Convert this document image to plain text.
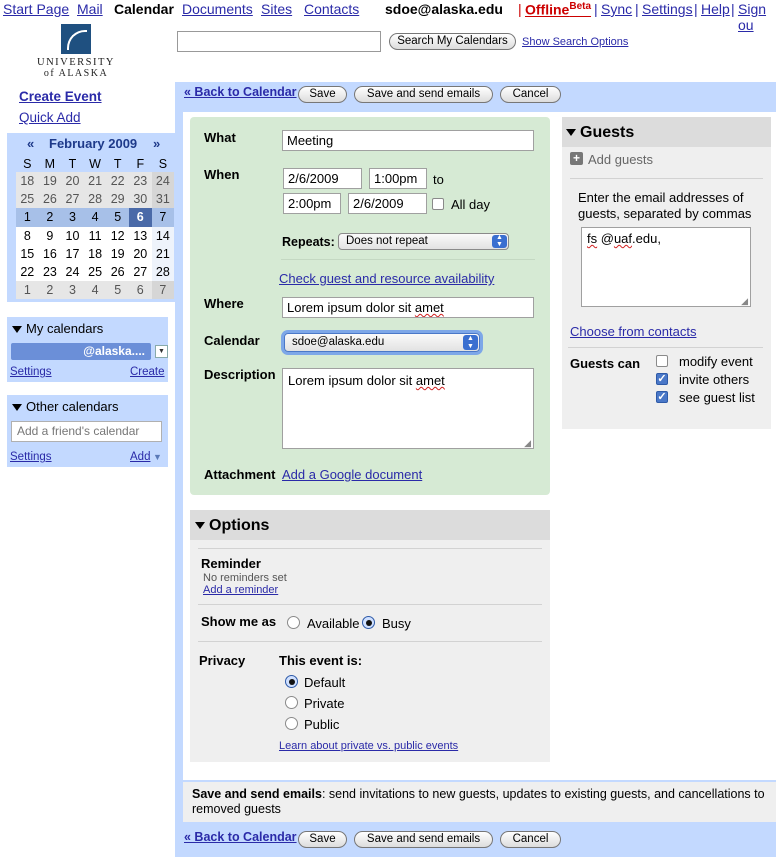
Start Page Mail Calendar Documents Sites Contacts sdoe@alaska.edu | Offline$^{Beta}$ | Sync | Settings | Help | Sign ou
UNIVERSITY
of ALASKA
Search My Calendars	Show Search Options
Create Event
Quick Add
« February 2009 »
S	M	T	W	T	F	S
18	19	20	21	22	23	24
25	26	27	28	29	30	31
1	2	3	4	5	6	7
8	9	10	11	12	13	14
15	16	17	18	19	20	21
22	23	24	25	26	27	28
1	2	3	4	5	6	7
My calendars
@alaska....	▼
Settings	Create
Other calendars
Add a friend's calendar
Settings	Add ▼
« Back to Calendar	Save	Save and send emails	Cancel
What	Meeting
When	2/6/2009	1:00pm	to
2:00pm	2/6/2009	All day
Repeats: Does not repeat	▲
▼
Check guest and resource availability
Where	Lorem ipsum dolor sit amet
Calendar	sdoe@alaska.edu	▲
▼
Description Lorem ipsum dolor sit amet
◢
Attachment Add a Google document
Options
Reminder
No reminders set
Add a reminder
Show me as Available Busy
Privacy	This event is:
Default
Private
Public
Learn about private vs. public events
Guests
+ Add guests
Enter the email addresses of guests, separated by commas
fs @uaf.edu,
◢
Choose from contacts
Guests can	modify event
✓ invite others
✓ see guest list
Save and send emails: send invitations to new guests, updates to existing guests, and cancellations to removed guests
« Back to Calendar	Save	Save and send emails	Cancel
